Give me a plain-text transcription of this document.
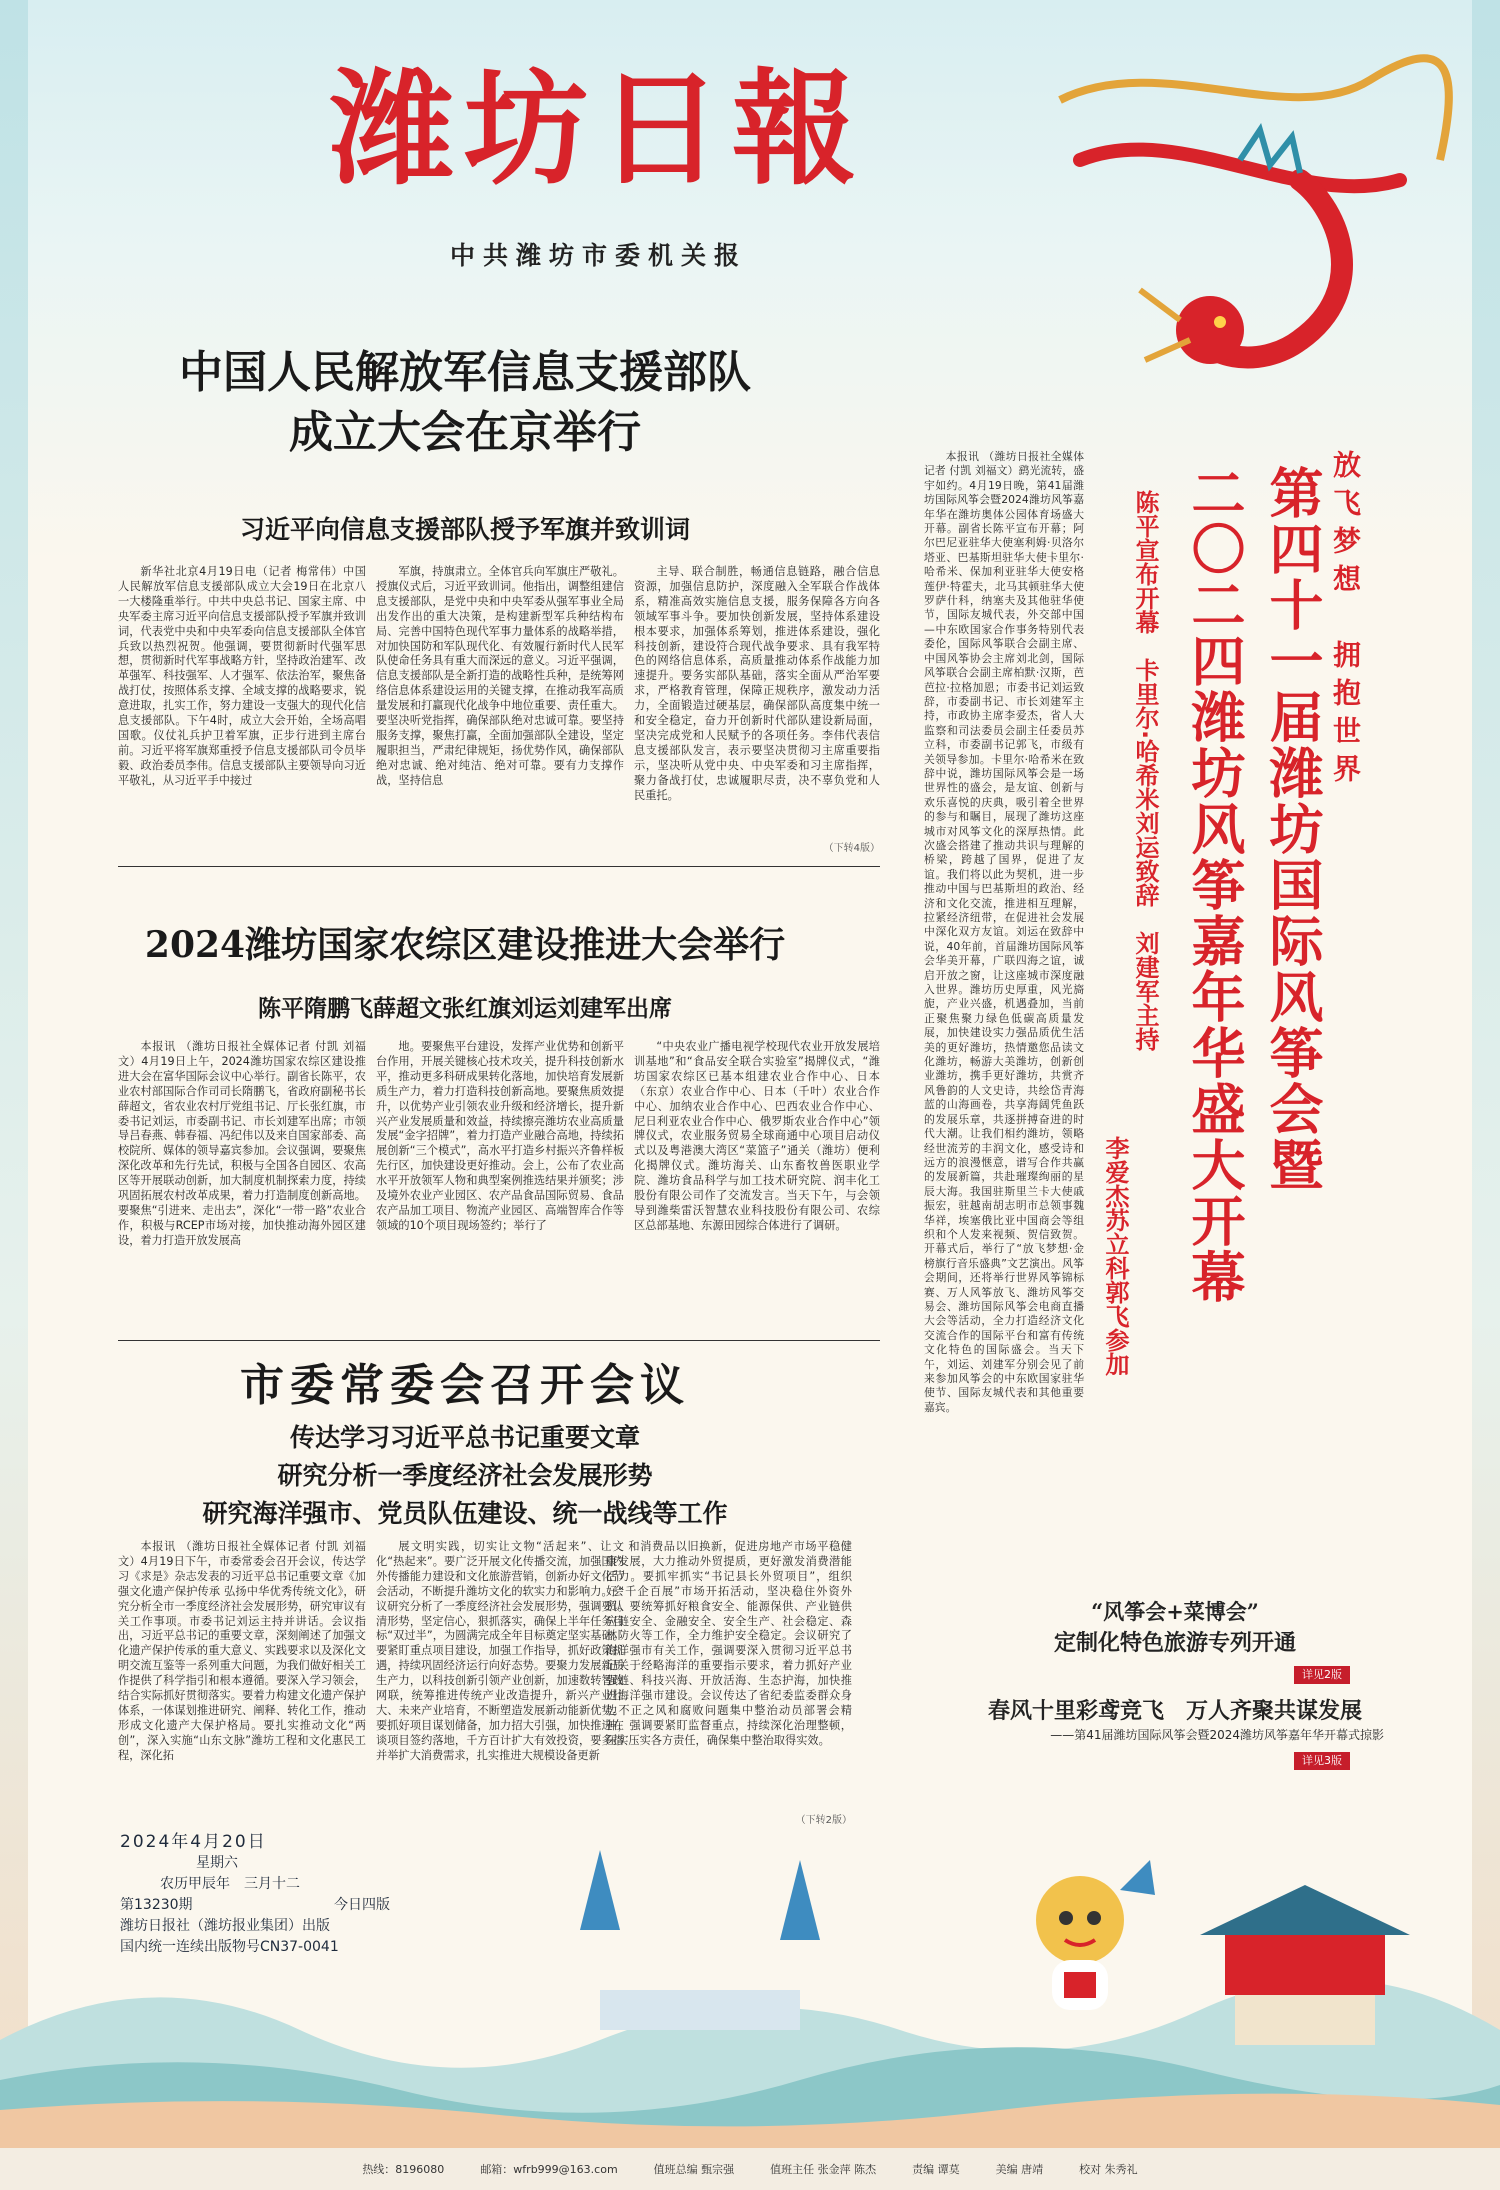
潍坊日報
中共潍坊市委机关报
中国人民解放军信息支援部队
成立大会在京举行
习近平向信息支援部队授予军旗并致训词

新华社北京4月19日电（记者 梅常伟）中国人民解放军信息支援部队成立大会19日在北京八一大楼隆重举行。中共中央总书记、国家主席、中央军委主席习近平向信息支援部队授予军旗并致训词，代表党中央和中央军委向信息支援部队全体官兵致以热烈祝贺。他强调，要贯彻新时代强军思想，贯彻新时代军事战略方针，坚持政治建军、改革强军、科技强军、人才强军、依法治军，聚焦备战打仗，按照体系支撑、全域支撑的战略要求，锐意进取，扎实工作，努力建设一支强大的现代化信息支援部队。下午4时，成立大会开始，全场高唱国歌。仪仗礼兵护卫着军旗，正步行进到主席台前。习近平将军旗郑重授予信息支援部队司令员毕毅、政治委员李伟。信息支援部队主要领导向习近平敬礼，从习近平手中接过

军旗，持旗肃立。全体官兵向军旗庄严敬礼。授旗仪式后，习近平致训词。他指出，调整组建信息支援部队，是党中央和中央军委从强军事业全局出发作出的重大决策，是构建新型军兵种结构布局、完善中国特色现代军事力量体系的战略举措，对加快国防和军队现代化、有效履行新时代人民军队使命任务具有重大而深远的意义。习近平强调，信息支援部队是全新打造的战略性兵种，是统筹网络信息体系建设运用的关键支撑，在推动我军高质量发展和打赢现代化战争中地位重要、责任重大。要坚决听党指挥，确保部队绝对忠诚可靠。要坚持服务支撑，聚焦打赢，全面加强部队全建设，坚定履职担当，严肃纪律规矩，扬优势作风，确保部队绝对忠诚、绝对纯洁、绝对可靠。要有力支撑作战，坚持信息

主导、联合制胜，畅通信息链路，融合信息资源，加强信息防护，深度融入全军联合作战体系，精准高效实施信息支援，服务保障各方向各领域军事斗争。要加快创新发展，坚持体系建设根本要求，加强体系筹划，推进体系建设，强化科技创新，建设符合现代战争要求、具有我军特色的网络信息体系，高质量推动体系作战能力加速提升。要务实部队基础，落实全面从严治军要求，严格教育管理，保障正规秩序，激发动力活力，全面锻造过硬基层，确保部队高度集中统一和安全稳定，奋力开创新时代部队建设新局面，坚决完成党和人民赋予的各项任务。李伟代表信息支援部队发言，表示要坚决贯彻习主席重要指示，坚决听从党中央、中央军委和习主席指挥，聚力备战打仗，忠诚履职尽责，决不辜负党和人民重托。

（下转4版）
2024潍坊国家农综区建设推进大会举行
陈平隋鹏飞薛超文张红旗刘运刘建军出席

本报讯 （潍坊日报社全媒体记者 付凯 刘福文）4月19日上午，2024潍坊国家农综区建设推进大会在富华国际会议中心举行。副省长陈平，农业农村部国际合作司司长隋鹏飞，省政府副秘书长薛超文，省农业农村厅党组书记、厅长张红旗，市委书记刘运，市委副书记、市长刘建军出席；市领导吕春燕、韩春福、冯纪伟以及来自国家部委、高校院所、媒体的领导嘉宾参加。会议强调，要聚焦深化改革和先行先试，积极与全国各自园区、农高区等开展联动创新，加大制度机制探索力度，持续巩固拓展农村改革成果，着力打造制度创新高地。要聚焦“引进来、走出去”，深化“一带一路”农业合作，积极与RCEP市场对接，加快推动海外园区建设，着力打造开放发展高

地。要聚焦平台建设，发挥产业优势和创新平台作用，开展关键核心技术攻关，提升科技创新水平，推动更多科研成果转化落地，加快培育发展新质生产力，着力打造科技创新高地。要聚焦质效提升，以优势产业引领农业升级和经济增长，提升新兴产业发展质量和效益，持续擦亮潍坊农业高质量发展“金字招牌”，着力打造产业融合高地，持续拓展创新“三个模式”，高水平打造乡村振兴齐鲁样板先行区，加快建设更好推动。会上，公布了农业高水平开放领军人物和典型案例推选结果并颁奖；涉及境外农业产业园区、农产品食品国际贸易、食品农产品加工项目、物流产业园区、高端智库合作等领域的10个项目现场签约；举行了

“中央农业广播电视学校现代农业开放发展培训基地”和“食品安全联合实验室”揭牌仪式，“潍坊国家农综区已基本组建农业合作中心、日本（东京）农业合作中心、日本（千叶）农业合作中心、加纳农业合作中心、巴西农业合作中心、尼日利亚农业合作中心、俄罗斯农业合作中心”领牌仪式，农业服务贸易全球商通中心项目启动仪式以及粤港澳大湾区“菜篮子”通关（潍坊）便利化揭牌仪式。潍坊海关、山东畜牧兽医职业学院、潍坊食品科学与加工技术研究院、润丰化工股份有限公司作了交流发言。当天下午，与会领导到潍柴雷沃智慧农业科技股份有限公司、农综区总部基地、东源田园综合体进行了调研。

市委常委会召开会议
传达学习习近平总书记重要文章
研究分析一季度经济社会发展形势
研究海洋强市、党员队伍建设、统一战线等工作

本报讯 （潍坊日报社全媒体记者 付凯 刘福文）4月19日下午，市委常委会召开会议，传达学习《求是》杂志发表的习近平总书记重要文章《加强文化遗产保护传承 弘扬中华优秀传统文化》，研究分析全市一季度经济社会发展形势，研究审议有关工作事项。市委书记刘运主持并讲话。会议指出，习近平总书记的重要文章，深刻阐述了加强文化遗产保护传承的重大意义、实践要求以及深化文明交流互鉴等一系列重大问题，为我们做好相关工作提供了科学指引和根本遵循。要深入学习领会，结合实际抓好贯彻落实。要着力构建文化遗产保护体系，一体谋划推进研究、阐释、转化工作，推动形成文化遗产大保护格局。要扎实推动文化“两创”，深入实施“山东文脉”潍坊工程和文化惠民工程，深化拓

展文明实践，切实让文物“活起来”、让文化“热起来”。要广泛开展文化传播交流，加强国内外传播能力建设和文化旅游营销，创新办好文化节会活动，不断提升潍坊文化的软实力和影响力。会议研究分析了一季度经济社会发展形势，强调要认清形势，坚定信心，狠抓落实，确保上半年任务目标“双过半”，为圆满完成全年目标奠定坚实基础。要紧盯重点项目建设，加强工作指导，抓好政策机遇，持续巩固经济运行向好态势。要聚力发展新质生产力，以科技创新引领产业创新，加速数转智改网联，统筹推进传统产业改造提升，新兴产业壮大、未来产业培育，不断塑造发展新动能新优势。要抓好项目谋划储备，加力招大引强，加快推进在谈项目签约落地，千方百计扩大有效投资，要多措并举扩大消费需求，扎实推进大规模设备更新

和消费品以旧换新，促进房地产市场平稳健康发展，大力推动外贸提质，更好激发消费潜能活力。要抓牢抓实“书记县长外贸项目”，组织好“千企百展”市场开拓活动，坚决稳住外资外贸。要统筹抓好粮食安全、能源保供、产业链供应链安全、金融安全、安全生产、社会稳定、森林防火等工作，全力维护安全稳定。会议研究了海洋强市有关工作，强调要深入贯彻习近平总书记关于经略海洋的重要指示要求，着力抓好产业强链、科技兴海、开放活海、生态护海，加快推进海洋强市建设。会议传达了省纪委监委群众身边不正之风和腐败问题集中整治动员部署会精神，强调要紧盯监督重点，持续深化治理整顿，压实压实各方责任，确保集中整治取得实效。

（下转2版）
放飞梦想
拥抱世界
第四十一届潍坊国际风筝会暨
二〇二四潍坊风筝嘉年华盛大开幕
陈平宣布开幕　卡里尔·哈希米刘运致辞　刘建军主持
李爱杰苏立科郭飞参加

本报讯 （潍坊日报社全媒体记者 付凯 刘福文）鹞光流转，盛宇如约。4月19日晚，第41届潍坊国际风筝会暨2024潍坊风筝嘉年华在潍坊奥体公园体育场盛大开幕。副省长陈平宣布开幕；阿尔巴尼亚驻华大使塞利姆·贝洛尔塔亚、巴基斯坦驻华大使卡里尔·哈希米、保加利亚驻华大使安格莲伊·特霍夫，北马其顿驻华大使罗萨什科，纳塞夫及其他驻华使节，国际友城代表，外交部中国—中东欧国家合作事务特别代表委伦，国际风筝联合会副主席、中国风筝协会主席刘北剑，国际风筝联合会副主席柏默·汉斯，芭芭拉·拉格加恩；市委书记刘运致辞，市委副书记、市长刘建军主持，市政协主席李爱杰，省人大监察和司法委员会副主任委员苏立科，市委副书记郭飞，市级有关领导参加。卡里尔·哈希米在致辞中说，潍坊国际风筝会是一场世界性的盛会，是友谊、创新与欢乐喜悦的庆典，吸引着全世界的参与和瞩目，展现了潍坊这座城市对风筝文化的深厚热情。此次盛会搭建了推动共识与理解的桥梁，跨越了国界，促进了友谊。我们将以此为契机，进一步推动中国与巴基斯坦的政治、经济和文化交流，推进相互理解，拉紧经济纽带，在促进社会发展中深化双方友谊。刘运在致辞中说，40年前，首届潍坊国际风筝会华美开幕，广联四海之谊，诚启开放之窗，让这座城市深度融入世界。潍坊历史厚重，风光旖旎，产业兴盛，机遇叠加，当前正聚焦聚力绿色低碳高质量发展，加快建设实力强品质优生活美的更好潍坊，热情邀您品读文化潍坊，畅游大美潍坊，创新创业潍坊，携手更好潍坊，共赏齐风鲁韵的人文史诗，共绘岱青海蓝的山海画卷，共享海阔凭鱼跃的发展乐章，共逐拼搏奋进的时代大潮。让我们相约潍坊，领略经世流芳的丰润文化，感受诗和远方的浪漫惬意，谱写合作共赢的发展新篇，共赴璀璨绚丽的星辰大海。我国驻斯里兰卡大使戚振宏，驻越南胡志明市总领事魏华祥，埃塞俄比亚中国商会等组织和个人发来视频、贺信致贺。开幕式后，举行了“放飞梦想·金榜旗行音乐盛典”文艺演出。风筝会期间，还将举行世界风筝锦标赛、万人风筝放飞、潍坊风筝交易会、潍坊国际风筝会电商直播大会等活动，全力打造经济文化交流合作的国际平台和富有传统文化特色的国际盛会。当天下午，刘运、刘建军分别会见了前来参加风筝会的中东欧国家驻华使节、国际友城代表和其他重要嘉宾。

“风筝会+菜博会”
定制化特色旅游专列开通
详见2版
春风十里彩鸢竞飞　万人齐聚共谋发展
——第41届潍坊国际风筝会暨2024潍坊风筝嘉年华开幕式掠影
详见3版
2024年4月20日
星期六
农历甲辰年　三月十二
第13230期	今日四版
潍坊日报社（潍坊报业集团）出版
国内统一连续出版物号CN37-0041
热线：8196080	邮箱：wfrb999@163.com	值班总编 甄宗强	值班主任 张金萍 陈杰	责编 谭莫	美编 唐靖	校对 朱秀礼
